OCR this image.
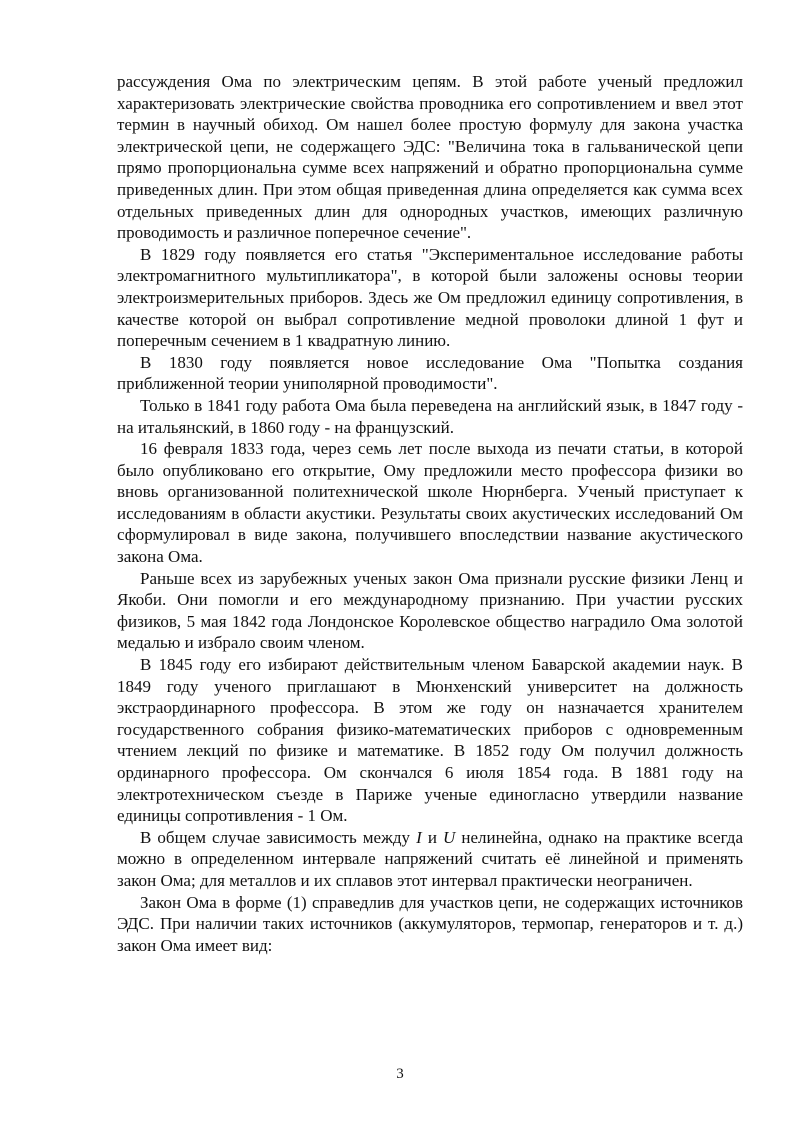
рассуждения Ома по электрическим цепям. В этой работе ученый предложил характеризовать электрические свойства проводника его сопротивлением и ввел этот термин в научный обиход. Ом нашел более простую формулу для закона участка электрической цепи, не содержащего ЭДС: "Величина тока в гальванической цепи прямо пропорциональна сумме всех напряжений и обратно пропорциональна сумме приведенных длин. При этом общая приведенная длина определяется как сумма всех отдельных приведенных длин для однородных участков, имеющих различную проводимость и различное поперечное сечение".

В 1829 году появляется его статья "Экспериментальное исследование работы электромагнитного мультипликатора", в которой были заложены основы теории электроизмерительных приборов. Здесь же Ом предложил единицу сопротивления, в качестве которой он выбрал сопротивление медной проволоки длиной 1 фут и поперечным сечением в 1 квадратную линию.

В 1830 году появляется новое исследование Ома "Попытка создания приближенной теории униполярной проводимости".

Только в 1841 году работа Ома была переведена на английский язык, в 1847 году - на итальянский, в 1860 году - на французский.

16 февраля 1833 года, через семь лет после выхода из печати статьи, в которой было опубликовано его открытие, Ому предложили место профессора физики во вновь организованной политехнической школе Нюрнберга. Ученый приступает к исследованиям в области акустики. Результаты своих акустических исследований Ом сформулировал в виде закона, получившего впоследствии название акустического закона Ома.

Раньше всех из зарубежных ученых закон Ома признали русские физики Ленц и Якоби. Они помогли и его международному признанию. При участии русских физиков, 5 мая 1842 года Лондонское Королевское общество наградило Ома золотой медалью и избрало своим членом.

В 1845 году его избирают действительным членом Баварской академии наук. В 1849 году ученого приглашают в Мюнхенский университет на должность экстраординарного профессора. В этом же году он назначается хранителем государственного собрания физико-математических приборов с одновременным чтением лекций по физике и математике. В 1852 году Ом получил должность ординарного профессора. Ом скончался 6 июля 1854 года. В 1881 году на электротехническом съезде в Париже ученые единогласно утвердили название единицы сопротивления - 1 Ом.

В общем случае зависимость между I и U нелинейна, однако на практике всегда можно в определенном интервале напряжений считать её линейной и применять закон Ома; для металлов и их сплавов этот интервал практически неограничен.

Закон Ома в форме (1) справедлив для участков цепи, не содержащих источников ЭДС. При наличии таких источников (аккумуляторов, термопар, генераторов и т. д.) закон Ома имеет вид:

3
